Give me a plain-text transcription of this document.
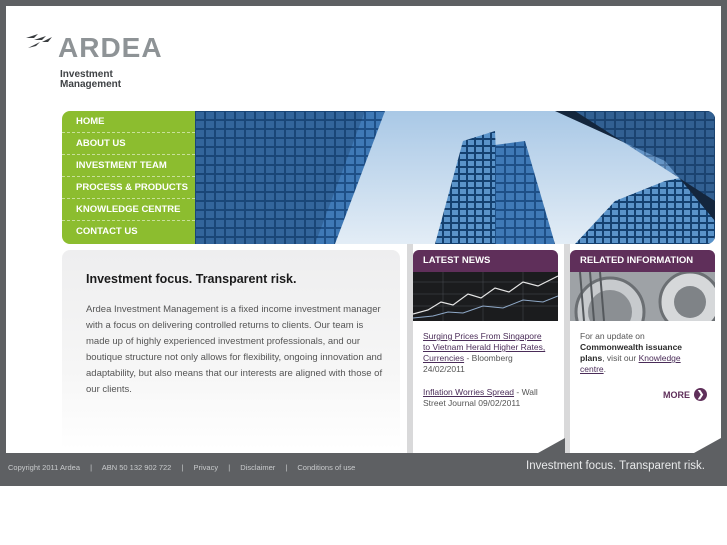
ARDEA
Investment
Management
HOME
ABOUT US
INVESTMENT TEAM
PROCESS & PRODUCTS
KNOWLEDGE CENTRE
CONTACT US
Investment focus. Transparent risk.

Ardea Investment Management is a fixed income investment manager with a focus on delivering controlled returns to clients. Our team is made up of highly experienced investment professionals, and our boutique structure not only allows for flexibility, ongoing innovation and adaptability, but also means that our interests are aligned with those of our clients.

LATEST NEWS
Surging Prices From Singapore to Vietnam Herald Higher Rates, Currencies - Bloomberg 24/02/2011
Inflation Worries Spread - Wall Street Journal 09/02/2011
RELATED INFORMATION
For an update on Commonwealth issuance plans, visit our Knowledge centre.
MORE ❯
Copyright 2011 Ardea | ABN 50 132 902 722 | Privacy | Disclaimer | Conditions of use	Investment focus. Transparent risk.
